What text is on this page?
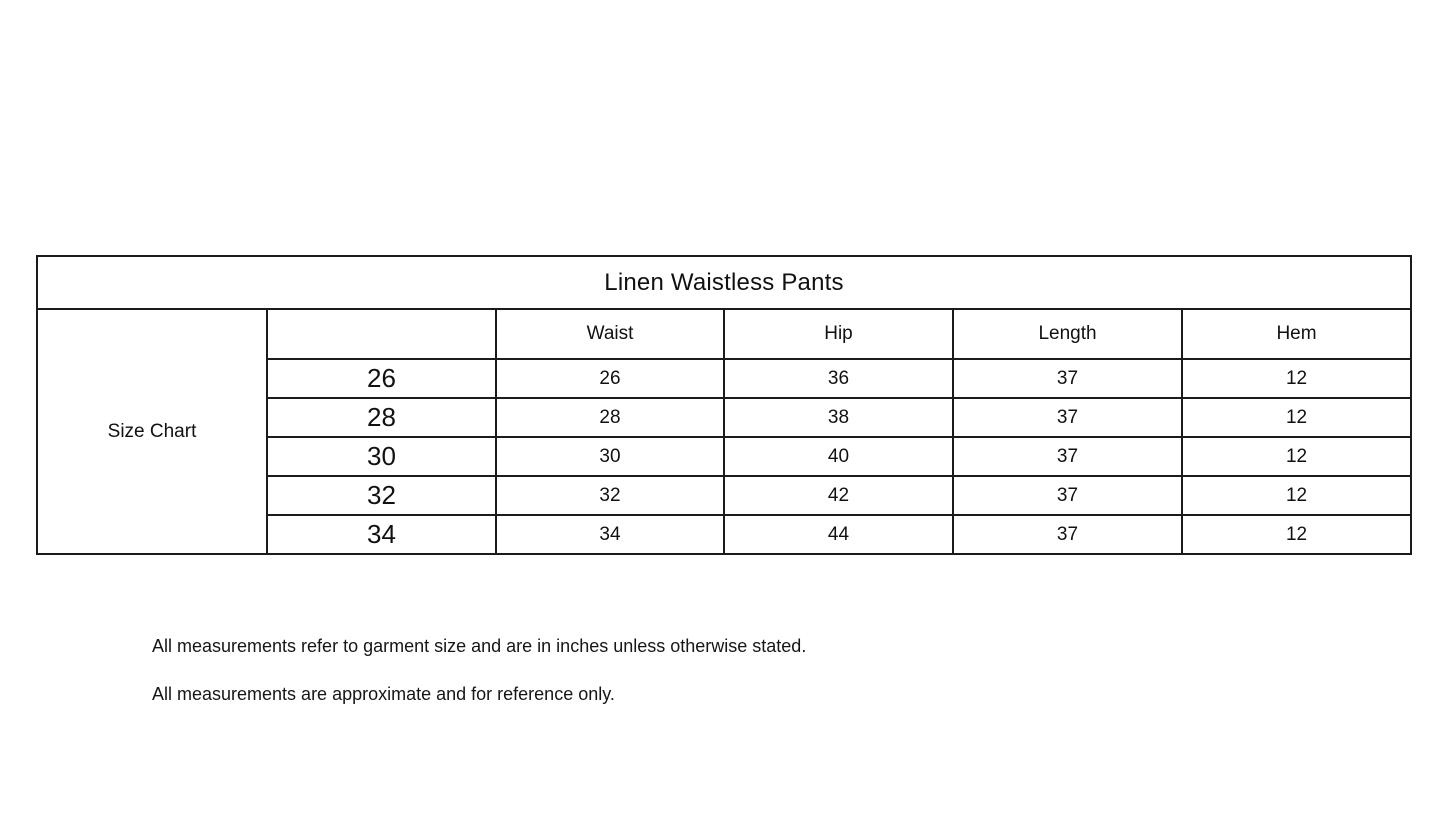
Linen Waistless Pants					
Size Chart		Waist	Hip	Length	Hem
	26	26	36	37	12
	28	28	38	37	12
	30	30	40	37	12
	32	32	42	37	12
	34	34	44	37	12

All measurements refer to garment size and are in inches unless otherwise stated.

All measurements are approximate and for reference only.
